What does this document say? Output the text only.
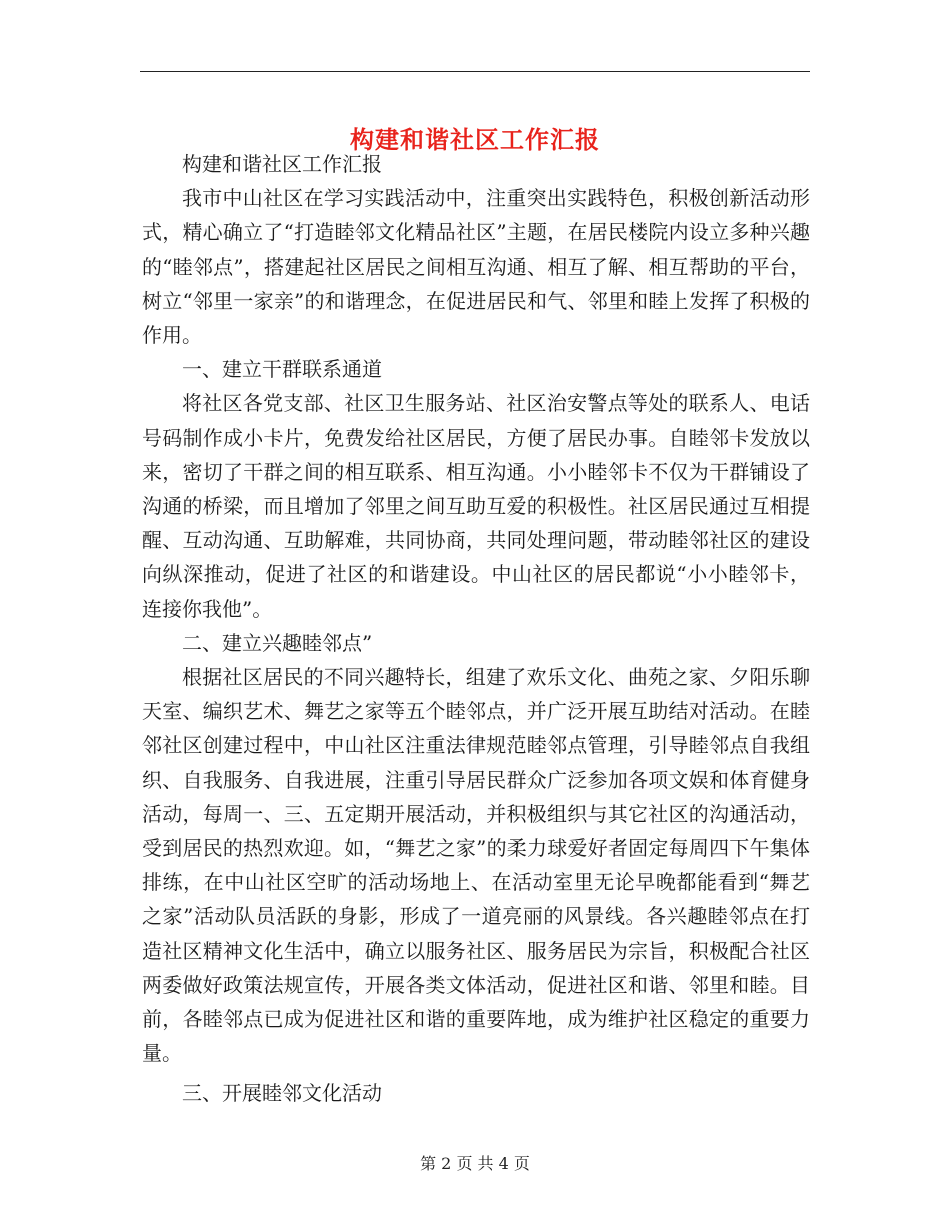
构建和谐社区工作汇报

构建和谐社区工作汇报

我市中山社区在学习实践活动中，注重突出实践特色，积极创新活动形式，精心确立了“打造睦邻文化精品社区”主题，在居民楼院内设立多种兴趣的“睦邻点”，搭建起社区居民之间相互沟通、相互了解、相互帮助的平台，树立“邻里一家亲”的和谐理念，在促进居民和气、邻里和睦上发挥了积极的作用。

一、建立干群联系通道

将社区各党支部、社区卫生服务站、社区治安警点等处的联系人、电话号码制作成小卡片，免费发给社区居民，方便了居民办事。自睦邻卡发放以来，密切了干群之间的相互联系、相互沟通。小小睦邻卡不仅为干群铺设了沟通的桥梁，而且增加了邻里之间互助互爱的积极性。社区居民通过互相提醒、互动沟通、互助解难，共同协商，共同处理问题，带动睦邻社区的建设向纵深推动，促进了社区的和谐建设。中山社区的居民都说“小小睦邻卡，连接你我他”。

二、建立兴趣睦邻点”

根据社区居民的不同兴趣特长，组建了欢乐文化、曲苑之家、夕阳乐聊天室、编织艺术、舞艺之家等五个睦邻点，并广泛开展互助结对活动。在睦邻社区创建过程中，中山社区注重法律规范睦邻点管理，引导睦邻点自我组织、自我服务、自我进展，注重引导居民群众广泛参加各项文娱和体育健身活动，每周一、三、五定期开展活动，并积极组织与其它社区的沟通活动，受到居民的热烈欢迎。如，“舞艺之家”的柔力球爱好者固定每周四下午集体排练，在中山社区空旷的活动场地上、在活动室里无论早晚都能看到“舞艺之家”活动队员活跃的身影，形成了一道亮丽的风景线。各兴趣睦邻点在打造社区精神文化生活中，确立以服务社区、服务居民为宗旨，积极配合社区两委做好政策法规宣传，开展各类文体活动，促进社区和谐、邻里和睦。目前，各睦邻点已成为促进社区和谐的重要阵地，成为维护社区稳定的重要力量。

三、开展睦邻文化活动

第 2 页 共 4 页
